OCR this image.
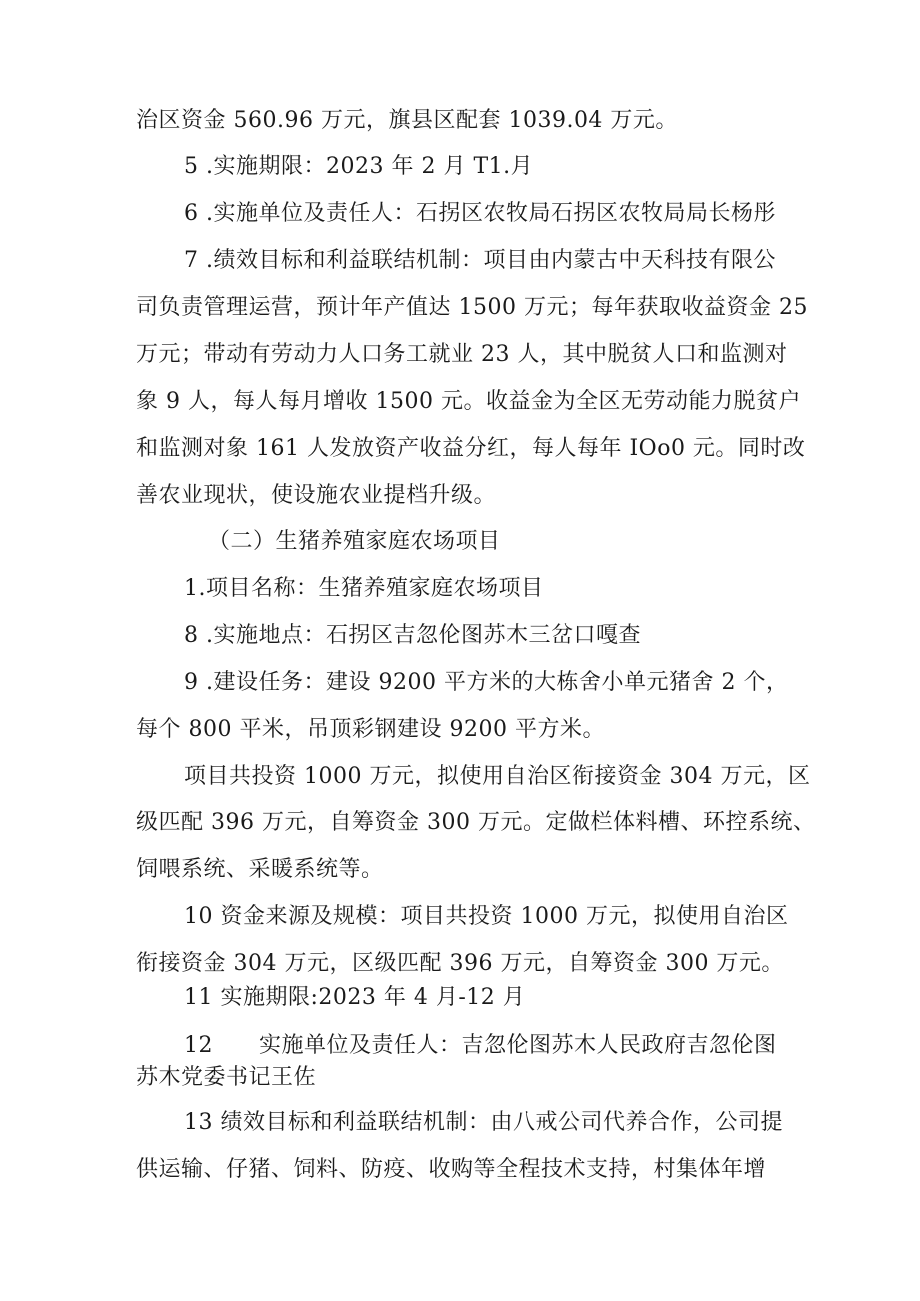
治区资金 560.96 万元，旗县区配套 1039.04 万元。
5 .实施期限：2023 年 2 月 T1.月
6 .实施单位及责任人：石拐区农牧局石拐区农牧局局长杨彤
7 .绩效目标和利益联结机制：项目由内蒙古中天科技有限公
司负责管理运营，预计年产值达 1500 万元；每年获取收益资金 25
万元；带动有劳动力人口务工就业 23 人，其中脱贫人口和监测对
象 9 人，每人每月增收 1500 元。收益金为全区无劳动能力脱贫户
和监测对象 161 人发放资产收益分红，每人每年 IOo0 元。同时改
善农业现状，使设施农业提档升级。
（二）生猪养殖家庭农场项目
1.项目名称：生猪养殖家庭农场项目
8 .实施地点：石拐区吉忽伦图苏木三岔口嘎查
9 .建设任务：建设 9200 平方米的大栋舍小单元猪舍 2 个，
每个 800 平米，吊顶彩钢建设 9200 平方米。
项目共投资 1000 万元，拟使用自治区衔接资金 304 万元，区
级匹配 396 万元，自筹资金 300 万元。定做栏体料槽、环控系统、
饲喂系统、采暖系统等。
10 资金来源及规模：项目共投资 1000 万元，拟使用自治区
衔接资金 304 万元，区级匹配 396 万元，自筹资金 300 万元。
11 实施期限:2023 年 4 月-12 月
12 实施单位及责任人：吉忽伦图苏木人民政府吉忽伦图
苏木党委书记王佐
13 绩效目标和利益联结机制：由八戒公司代养合作，公司提
供运输、仔猪、饲料、防疫、收购等全程技术支持，村集体年增
